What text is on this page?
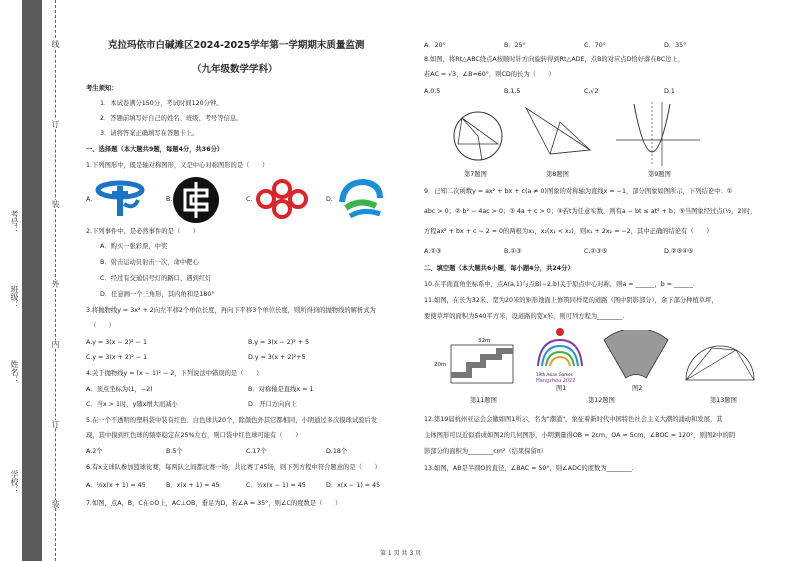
学校：
姓名：
班级：
考号：
线
订
装
外
内
订
装
克拉玛依市白碱滩区2024-2025学年第一学期期末质量监测
（九年级数学学科）
考生须知：
1．本试卷满分150分，考试时间120分钟。
2．答题前填写好自己的姓名、班级、考号等信息。
3．请将答案正确填写在答题卡上。
一、选择题（本大题共9题，每题4分，共36分）
1.下列图形中，既是轴对称图形，又是中心对称图形的是（　　）
A.	B.	C.	D.
2.下列事件中，是必然事件的是（　　）
A．购买一张彩票，中奖
B．射击运动员射击一次，命中靶心
C．经过有交通信号灯的路口，遇到红灯
D．任意画一个三角形，其内角和是180°
3.将抛物线y = 3x² + 2向左平移2个单位长度，再向下平移3个单位长度，则所得到的抛物线的解析式为
（　　）
A.y = 3(x − 2)² − 1	B.y = 3(x − 2)² + 5
C.y = 3(x + 2)² − 1	D.y = 3(x + 2)²+5
4.关于抛物线y = (x − 1)² − 2，下列说法中错误的是（　　）
A．顶点坐标为(1，−2)	B．对称轴是直线x = 1
C．当x > 1时，y随x增大而减小	D．开口方向向上
5.在一个不透明的塑料袋中装有红色、白色球共20个，除颜色外其它都相同，小明通过多次摸球试验后发
现，其中摸到红色球的频率稳定在25%左右，则口袋中红色球可能有（　　）
A.2个	B.5个	C.17个	D.18个
6.有x支球队参加篮球比赛，每两队之间都比赛一场，共比赛了45场，则下列方程中符合题意的是（　　）
A．½x(x + 1) = 45	B．x(x + 1) = 45	C．½x(x − 1) = 45	D．x(x − 1) = 45
7.如图，点A，B，C在⊙O上，AC⊥OB，垂足为D，若∠A = 35°，则∠C的度数是（　　）
A．20°	B．25°	C．70°	D．35°
8.如图，将Rt△ABC绕点A按顺时针方向旋转得到Rt△ADE，点B的对应点D恰好落在BC边上，
若AC = √3，∠B=60°，则CD的长为（　　）
A.0.5	B.1.5	C.√2	D.1
第7题图	第8题图	第9题图
9．已知二次函数y = ax² + bx + c(a ≠ 0)图象的对称轴为直线x = −1，部分图象如图所示，下列结论中：①
abc > 0；② b² − 4ac > 0；③ 4a + c > 0；④若t为任意实数，则有a − bt ≤ at² + b；⑤当图象经过点(½，2)时，
方程ax² + bx + c − 2 = 0的两根为x₁，x₂(x₁ < x₂)，则x₁ + 2x₂ = −2，其中正确的结论有（　　）
A.②③	B.①③	C.②③⑤	D.②③④⑤
二、填空题（本大题共6小题，每小题4分，共24分）
10.在平面直角坐标系中，点A(a,1)与点B(−2,b)关于原点中心对称，则a = ______，b = ______.
11.如图，在长为32米、宽为20米的矩形地面上修筑同样宽的道路（图中阴影部分），余下部分种植草坪，
要使草坪的面积为540平方米，设道路的宽x米，则可列方程为________.
32m
20m
19th Asian Games
Hangzhou 2022
图1	图2
第11题图	第12题图	第13题图
12.第19届杭州亚运会会徽如图1所示，名为"潮涌"，象征着新时代中国特色社会主义大潮的涌动和发展，其
主体图形可以近似看成如图2的几何图形，小明测量得OB = 2cm，OA = 5cm，∠BOC = 120°，则图2中的阴
影部分的面积为________cm²（结果保留π）
13.如图，AB是半圆O的直径，∠BAC = 50°，则∠ADC的度数为________.
第 1 页 共 3 页
